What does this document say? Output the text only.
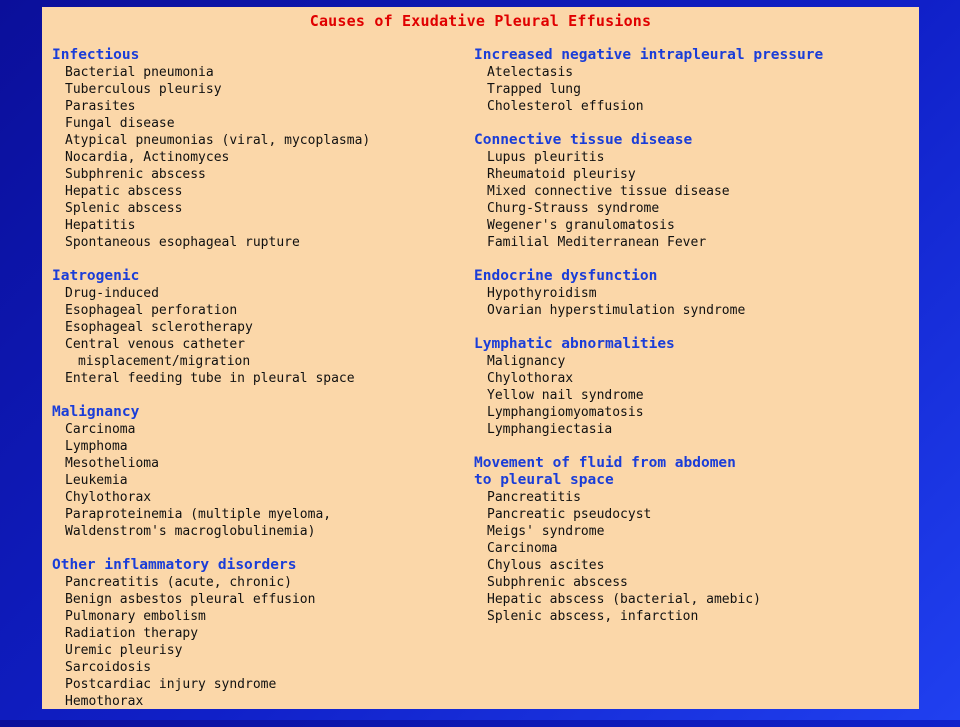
Causes of Exudative Pleural Effusions
Infectious
Bacterial pneumonia
Tuberculous pleurisy
Parasites
Fungal disease
Atypical pneumonias (viral, mycoplasma)
Nocardia, Actinomyces
Subphrenic abscess
Hepatic abscess
Splenic abscess
Hepatitis
Spontaneous esophageal rupture
Iatrogenic
Drug-induced
Esophageal perforation
Esophageal sclerotherapy
Central venous catheter
misplacement/migration
Enteral feeding tube in pleural space
Malignancy
Carcinoma
Lymphoma
Mesothelioma
Leukemia
Chylothorax
Paraproteinemia (multiple myeloma,
Waldenstrom's macroglobulinemia)
Other inflammatory disorders
Pancreatitis (acute, chronic)
Benign asbestos pleural effusion
Pulmonary embolism
Radiation therapy
Uremic pleurisy
Sarcoidosis
Postcardiac injury syndrome
Hemothorax
Increased negative intrapleural pressure
Atelectasis
Trapped lung
Cholesterol effusion
Connective tissue disease
Lupus pleuritis
Rheumatoid pleurisy
Mixed connective tissue disease
Churg-Strauss syndrome
Wegener's granulomatosis
Familial Mediterranean Fever
Endocrine dysfunction
Hypothyroidism
Ovarian hyperstimulation syndrome
Lymphatic abnormalities
Malignancy
Chylothorax
Yellow nail syndrome
Lymphangiomyomatosis
Lymphangiectasia
Movement of fluid from abdomen
to pleural space
Pancreatitis
Pancreatic pseudocyst
Meigs' syndrome
Carcinoma
Chylous ascites
Subphrenic abscess
Hepatic abscess (bacterial, amebic)
Splenic abscess, infarction
